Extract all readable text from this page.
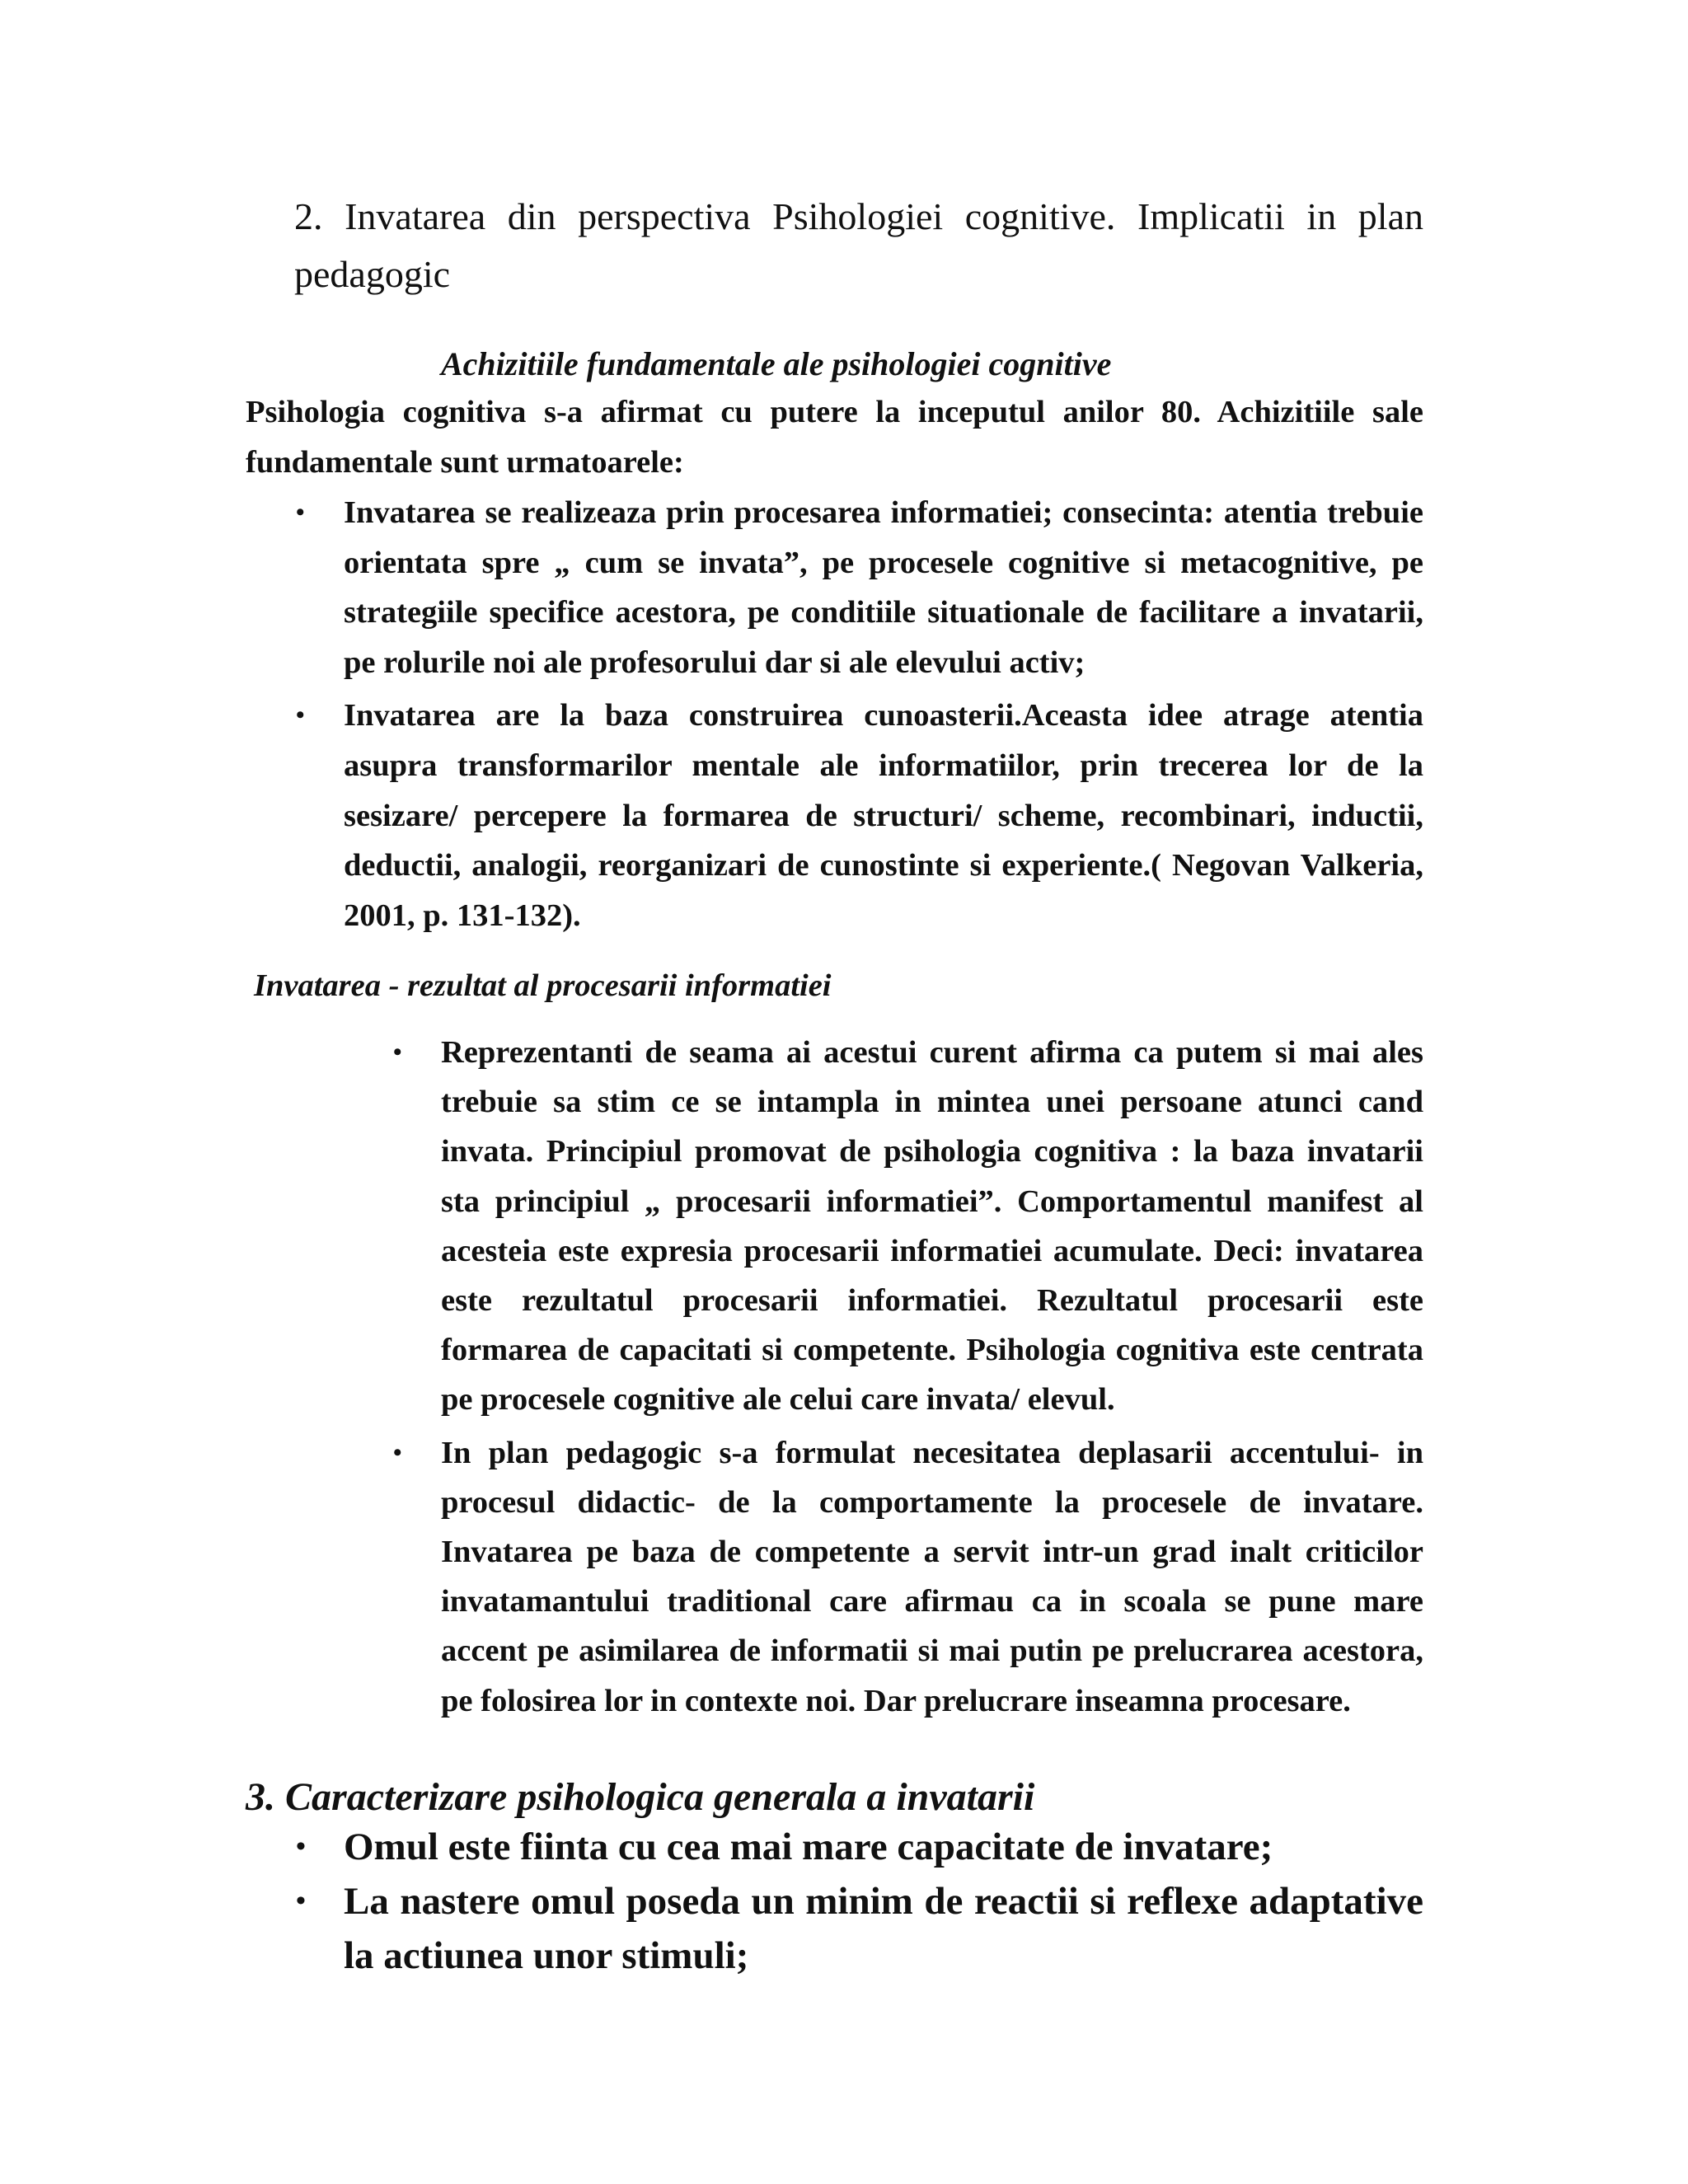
2. Invatarea din perspectiva Psihologiei cognitive. Implicatii in plan pedagogic
Achizitiile fundamentale ale psihologiei cognitive
Psihologia cognitiva s-a afirmat cu putere la inceputul anilor 80. Achizitiile sale fundamentale sunt urmatoarele:
• Invatarea se realizeaza prin procesarea informatiei; consecinta: atentia trebuie orientata spre „ cum se invata”, pe procesele cognitive si metacognitive, pe strategiile specifice acestora, pe conditiile situationale de facilitare a invatarii, pe rolurile noi ale profesorului dar si ale elevului activ;
• Invatarea are la baza construirea cunoasterii.Aceasta idee atrage atentia asupra transformarilor mentale ale informatiilor, prin trecerea lor de la sesizare/ percepere la formarea de structuri/ scheme, recombinari, inductii, deductii, analogii, reorganizari de cunostinte si experiente.( Negovan Valkeria, 2001, p. 131-132).
Invatarea - rezultat al procesarii informatiei
• Reprezentanti de seama ai acestui curent afirma ca putem si mai ales trebuie sa stim ce se intampla in mintea unei persoane atunci cand invata. Principiul promovat de psihologia cognitiva : la baza invatarii sta principiul „ procesarii informatiei”. Comportamentul manifest al acesteia este expresia procesarii informatiei acumulate. Deci: invatarea este rezultatul procesarii informatiei. Rezultatul procesarii este formarea de capacitati si competente. Psihologia cognitiva este centrata pe procesele cognitive ale celui care invata/ elevul.
• In plan pedagogic s-a formulat necesitatea deplasarii accentului- in procesul didactic- de la comportamente la procesele de invatare. Invatarea pe baza de competente a servit intr-un grad inalt criticilor invatamantului traditional care afirmau ca in scoala se pune mare accent pe asimilarea de informatii si mai putin pe prelucrarea acestora, pe folosirea lor in contexte noi. Dar prelucrare inseamna procesare.
3. Caracterizare psihologica generala a invatarii
• Omul este fiinta cu cea mai mare capacitate de invatare;
• La nastere omul poseda un minim de reactii si reflexe adaptative la actiunea unor stimuli;
